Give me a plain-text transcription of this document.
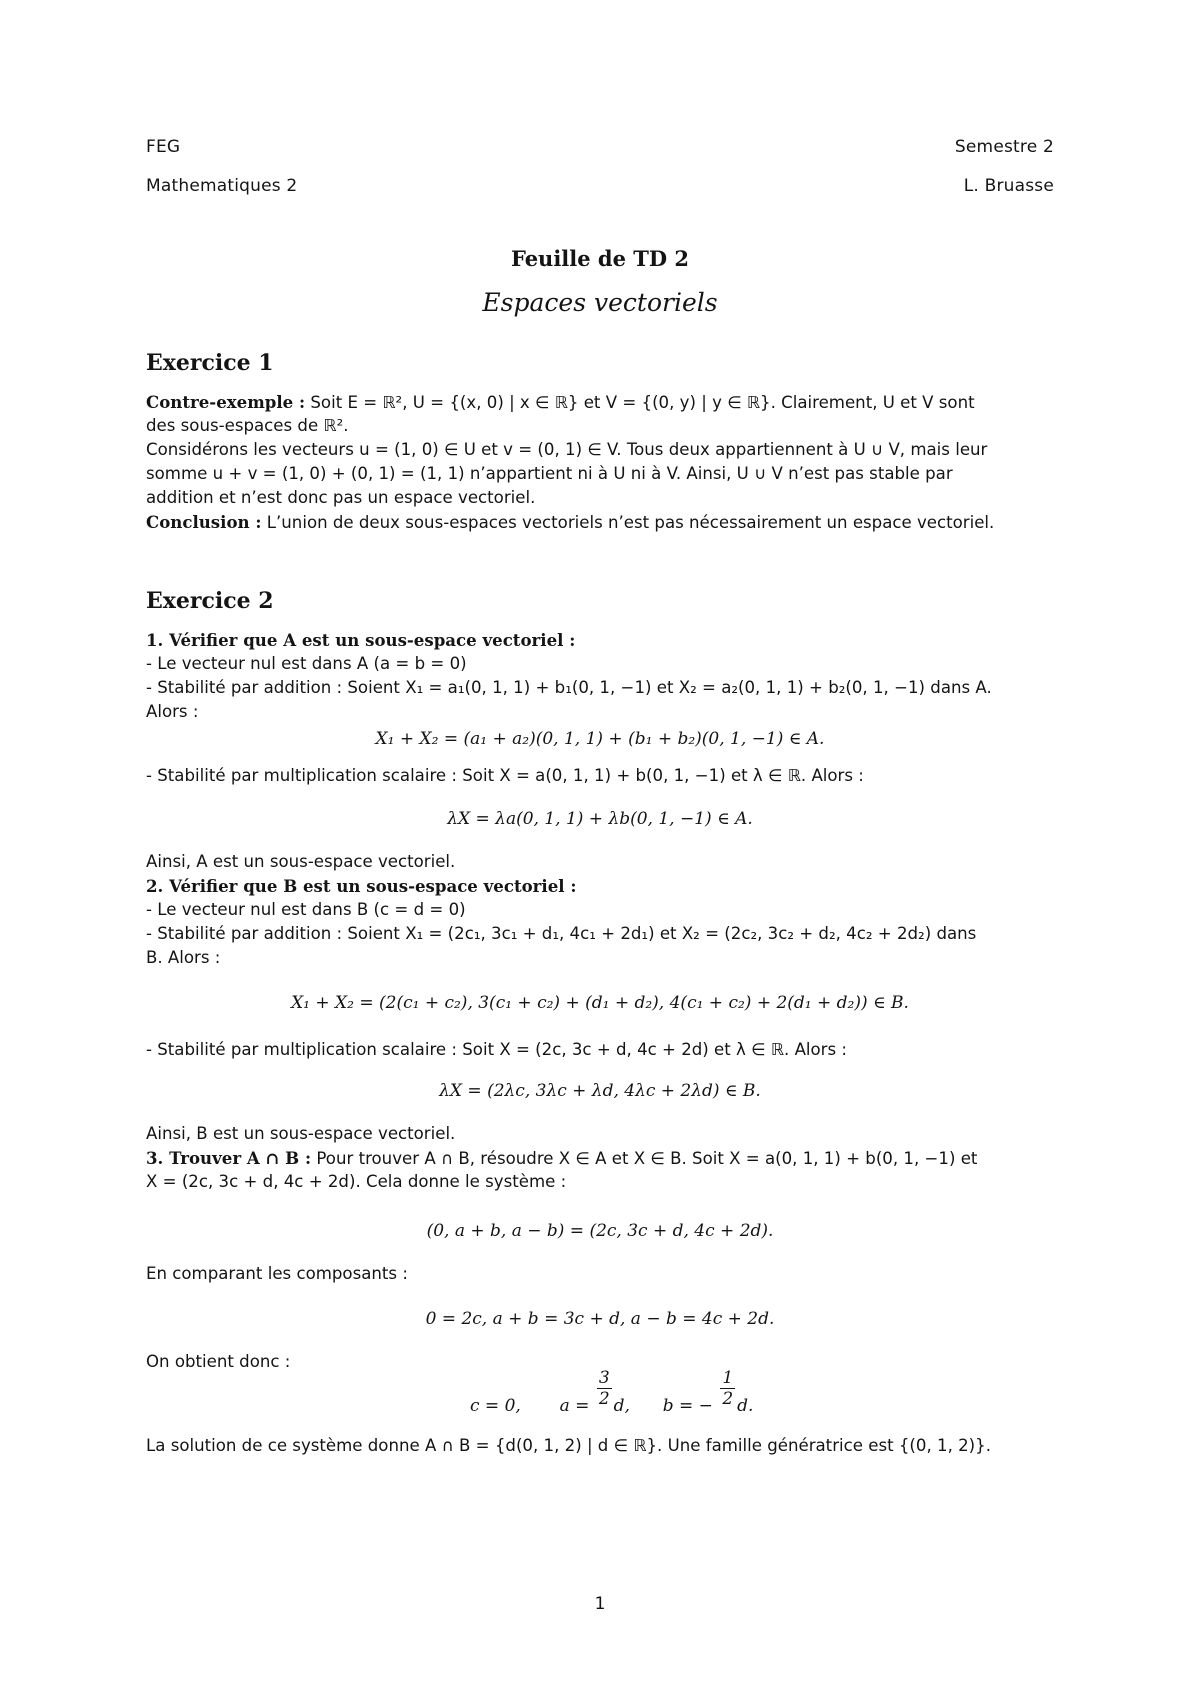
FEG	Semestre 2
Mathematiques 2	L. Bruasse
Feuille de TD 2
Espaces vectoriels
Exercice 1
Contre-exemple : Soit E = ℝ², U = {(x, 0) | x ∈ ℝ} et V = {(0, y) | y ∈ ℝ}. Clairement, U et V sont
des sous-espaces de ℝ².
Considérons les vecteurs u = (1, 0) ∈ U et v = (0, 1) ∈ V. Tous deux appartiennent à U ∪ V, mais leur
somme u + v = (1, 0) + (0, 1) = (1, 1) n’appartient ni à U ni à V. Ainsi, U ∪ V n’est pas stable par
addition et n’est donc pas un espace vectoriel.
Conclusion : L’union de deux sous-espaces vectoriels n’est pas nécessairement un espace vectoriel.
Exercice 2
1. Vérifier que A est un sous-espace vectoriel :
- Le vecteur nul est dans A (a = b = 0)
- Stabilité par addition : Soient X₁ = a₁(0, 1, 1) + b₁(0, 1, −1) et X₂ = a₂(0, 1, 1) + b₂(0, 1, −1) dans A.
Alors :
X₁ + X₂ = (a₁ + a₂)(0, 1, 1) + (b₁ + b₂)(0, 1, −1) ∈ A.
- Stabilité par multiplication scalaire : Soit X = a(0, 1, 1) + b(0, 1, −1) et λ ∈ ℝ. Alors :
λX = λa(0, 1, 1) + λb(0, 1, −1) ∈ A.
Ainsi, A est un sous-espace vectoriel.
2. Vérifier que B est un sous-espace vectoriel :
- Le vecteur nul est dans B (c = d = 0)
- Stabilité par addition : Soient X₁ = (2c₁, 3c₁ + d₁, 4c₁ + 2d₁) et X₂ = (2c₂, 3c₂ + d₂, 4c₂ + 2d₂) dans
B. Alors :
X₁ + X₂ = (2(c₁ + c₂), 3(c₁ + c₂) + (d₁ + d₂), 4(c₁ + c₂) + 2(d₁ + d₂)) ∈ B.
- Stabilité par multiplication scalaire : Soit X = (2c, 3c + d, 4c + 2d) et λ ∈ ℝ. Alors :
λX = (2λc, 3λc + λd, 4λc + 2λd) ∈ B.
Ainsi, B est un sous-espace vectoriel.
3. Trouver A ∩ B : Pour trouver A ∩ B, résoudre X ∈ A et X ∈ B. Soit X = a(0, 1, 1) + b(0, 1, −1) et
X = (2c, 3c + d, 4c + 2d). Cela donne le système :
(0, a + b, a − b) = (2c, 3c + d, 4c + 2d).
En comparant les composants :
0 = 2c, a + b = 3c + d, a − b = 4c + 2d.
On obtient donc :
c = 0, $a = \frac{3}{2} d$, b = − $\frac{1}{2} d$.
La solution de ce système donne A ∩ B = {d(0, 1, 2) | d ∈ ℝ}. Une famille génératrice est {(0, 1, 2)}.
1
